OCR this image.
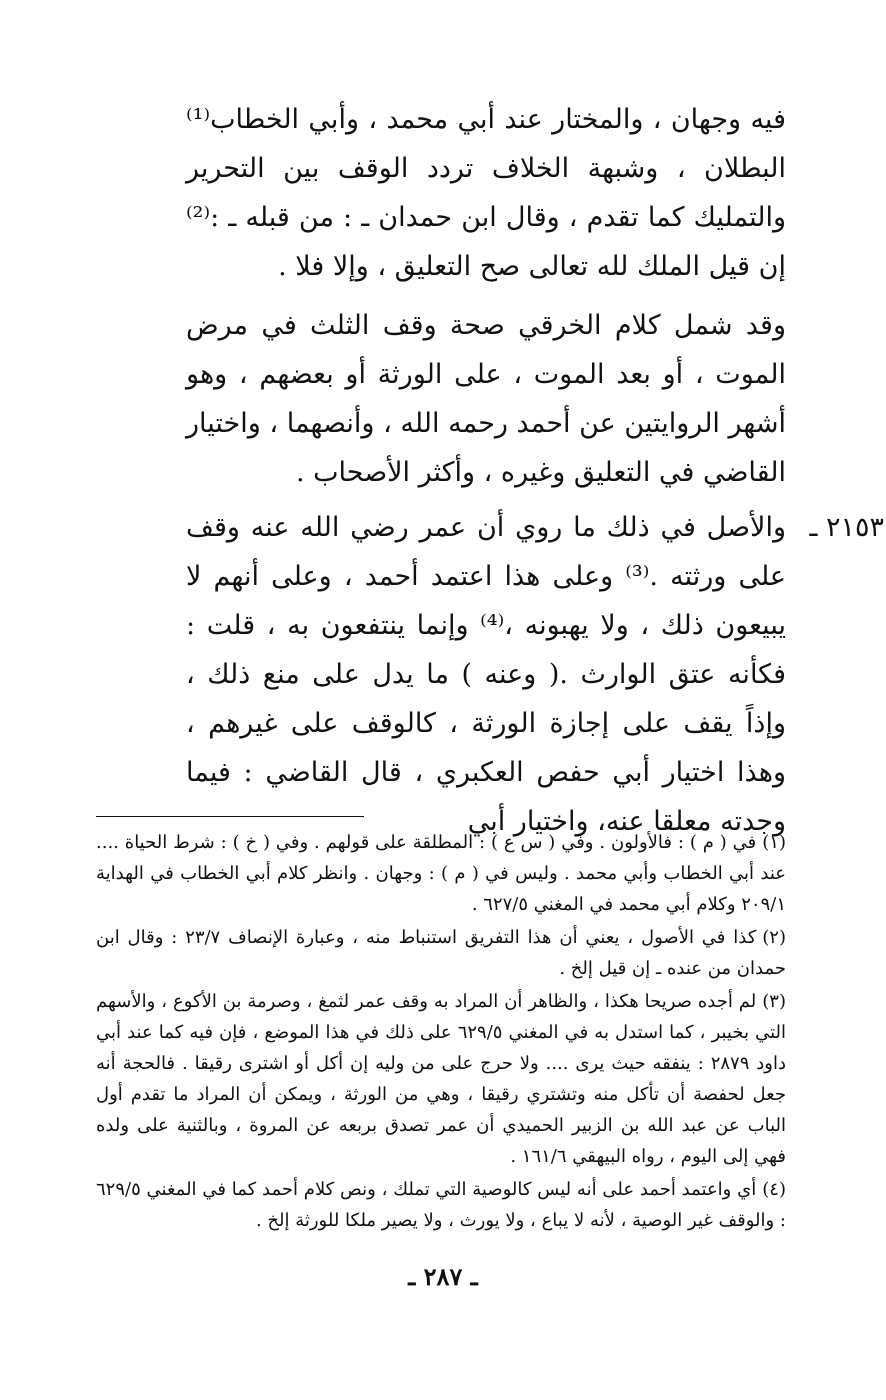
فيه وجهان ، والمختار عند أبي محمد ، وأبي الخطاب⁽¹⁾ البطلان ، وشبهة الخلاف تردد الوقف بين التحرير والتمليك كما تقدم ، وقال ابن حمدان ـ : من قبله ـ :⁽²⁾ إن قيل الملك لله تعالى صح التعليق ، وإلا فلا .

وقد شمل كلام الخرقي صحة وقف الثلث في مرض الموت ، أو بعد الموت ، على الورثة أو بعضهم ، وهو أشهر الروايتين عن أحمد رحمه الله ، وأنصهما ، واختيار القاضي في التعليق وغيره ، وأكثر الأصحاب .

٢١٥٣ ـ

والأصل في ذلك ما روي أن عمر رضي الله عنه وقف على ورثته .⁽³⁾ وعلى هذا اعتمد أحمد ، وعلى أنهم لا يبيعون ذلك ، ولا يهبونه ،⁽⁴⁾ وإنما ينتفعون به ، قلت : فكأنه عتق الوارث .( وعنه ) ما يدل على منع ذلك ، وإذاً يقف على إجازة الورثة ، كالوقف على غيرهم ، وهذا اختيار أبي حفص العكبري ، قال القاضي : فيما وجدته معلقا عنه، واختيار أبي

(١)في ( م ) : فالأولون . وفي ( س ع ) : المطلقة على قولهم . وفي ( خ ) : شرط الحياة .... عند أبي الخطاب وأبي محمد . وليس في ( م ) : وجهان . وانظر كلام أبي الخطاب في الهداية ٢٠٩/١ وكلام أبي محمد في المغني ٦٢٧/٥ .

(٢)كذا في الأصول ، يعني أن هذا التفريق استنباط منه ، وعبارة الإنصاف ٢٣/٧ : وقال ابن حمدان من عنده ـ إن قيل إلخ .

(٣)لم أجده صريحا هكذا ، والظاهر أن المراد به وقف عمر لثمغ ، وصرمة بن الأكوع ، والأسهم التي بخيبر ، كما استدل به في المغني ٦٢٩/٥ على ذلك في هذا الموضع ، فإن فيه كما عند أبي داود ٢٨٧٩ : ينفقه حيث يرى .... ولا حرج على من وليه إن أكل أو اشترى رقيقا . فالحجة أنه جعل لحفصة أن تأكل منه وتشتري رقيقا ، وهي من الورثة ، ويمكن أن المراد ما تقدم أول الباب عن عبد الله بن الزبير الحميدي أن عمر تصدق بربعه عن المروة ، وبالثنية على ولده فهي إلى اليوم ، رواه البيهقي ١٦١/٦ .

(٤)أي واعتمد أحمد على أنه ليس كالوصية التي تملك ، ونص كلام أحمد كما في المغني ٦٢٩/٥ : والوقف غير الوصية ، لأنه لا يباع ، ولا يورث ، ولا يصير ملكا للورثة إلخ .

ـ ٢٨٧ ـ
